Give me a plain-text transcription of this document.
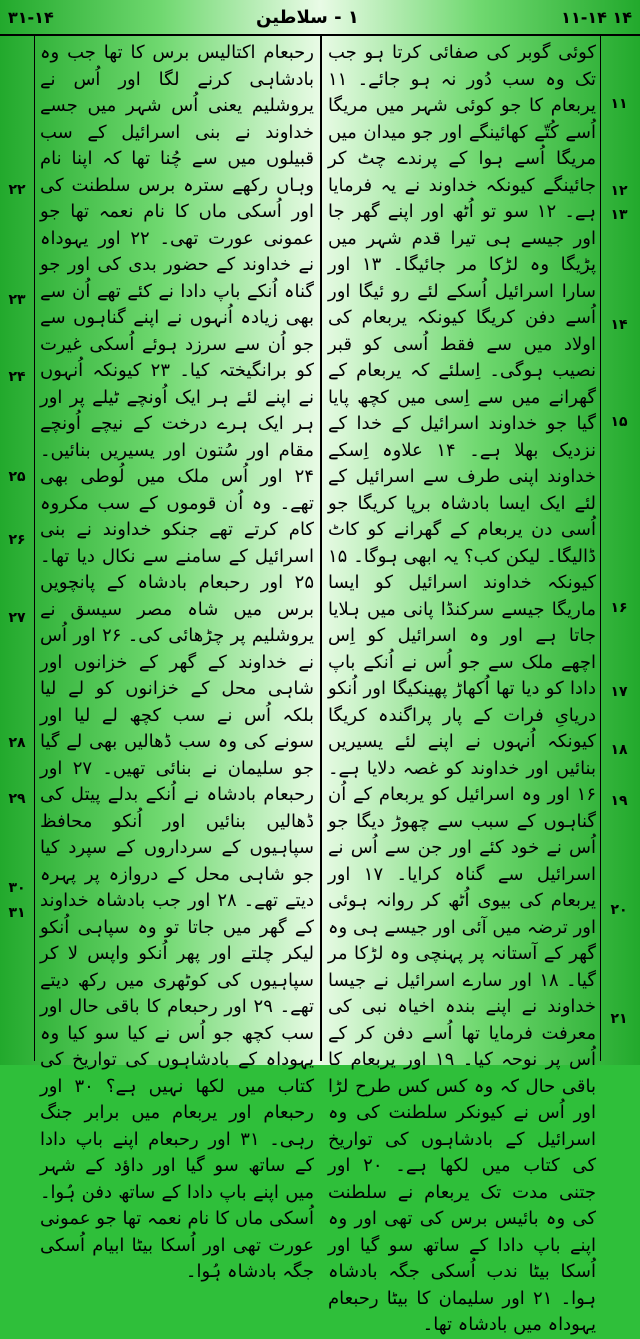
۳۱-۱۴	۱ - سلاطین	۱۱-۱۴ ۱۴

کوئی گوبر کی صفائی کرتا ہو جب تک وہ سب دُور نہ ہو جائے۔ ۱۱ یربعام کا جو کوئی شہر میں مریگا اُسے کُتّے کھائینگے اور جو میدان میں مریگا اُسے ہوا کے پرندے چٹ کر جائینگے کیونکہ خداوند نے یہ فرمایا ہے۔ ۱۲ سو تو اُٹھ اور اپنے گھر جا اور جیسے ہی تیرا قدم شہر میں پڑیگا وہ لڑکا مر جائیگا۔ ۱۳ اور سارا اسرائیل اُسکے لئے رو ئیگا اور اُسے دفن کریگا کیونکہ یربعام کی اولاد میں سے فقط اُسی کو قبر نصیب ہوگی۔ اِسلئے کہ یربعام کے گھرانے میں سے اِسی میں کچھ پایا گیا جو خداوند اسرائیل کے خدا کے نزدیک بھلا ہے۔ ۱۴ علاوہ اِسکے خداوند اپنی طرف سے اسرائیل کے لئے ایک ایسا بادشاہ برپا کریگا جو اُسی دن یربعام کے گھرانے کو کاٹ ڈالیگا۔ لیکن کب؟ یہ ابھی ہوگا۔ ۱۵ کیونکہ خداوند اسرائیل کو ایسا ماریگا جیسے سرکنڈا پانی میں ہلایا جاتا ہے اور وہ اسرائیل کو اِس اچھے ملک سے جو اُس نے اُنکے باپ دادا کو دیا تھا اُکھاڑ پھینکیگا اور اُنکو دریایِ فرات کے پار پراگندہ کریگا کیونکہ اُنہوں نے اپنے لئے یسیریں بنائیں اور خداوند کو غصہ دلایا ہے۔ ۱۶ اور وہ اسرائیل کو یربعام کے اُن گناہوں کے سبب سے چھوڑ دیگا جو اُس نے خود کئے اور جن سے اُس نے اسرائیل سے گناہ کرایا۔ ۱۷ اور یربعام کی بیوی اُٹھ کر روانہ ہوئی اور ترضہ میں آئی اور جیسے ہی وہ گھر کے آستانہ پر پہنچی وہ لڑکا مر گیا۔ ۱۸ اور سارے اسرائیل نے جیسا خداوند نے اپنے بندہ اخیاہ نبی کی معرفت فرمایا تھا اُسے دفن کر کے اُس پر نوحہ کیا۔ ۱۹ اور یربعام کا باقی حال کہ وہ کس کس طرح لڑا اور اُس نے کیونکر سلطنت کی وہ اسرائیل کے بادشاہوں کی تواریخ کی کتاب میں لکھا ہے۔ ۲۰ اور جتنی مدت تک یربعام نے سلطنت کی وہ بائیس برس کی تھی اور وہ اپنے باپ دادا کے ساتھ سو گیا اور اُسکا بیٹا ندب اُسکی جگہ بادشاہ ہوا۔ ۲۱ اور سلیمان کا بیٹا رحبعام یہوداہ میں بادشاہ تھا۔

رحبعام اکتالیس برس کا تھا جب وہ بادشاہی کرنے لگا اور اُس نے یروشلیم یعنی اُس شہر میں جسے خداوند نے بنی اسرائیل کے سب قبیلوں میں سے چُنا تھا کہ اپنا نام وہاں رکھے سترہ برس سلطنت کی اور اُسکی ماں کا نام نعمہ تھا جو عمونی عورت تھی۔ ۲۲ اور یہوداہ نے خداوند کے حضور بدی کی اور جو گناہ اُنکے باپ دادا نے کئے تھے اُن سے بھی زیادہ اُنہوں نے اپنے گناہوں سے جو اُن سے سرزد ہوئے اُسکی غیرت کو برانگیختہ کیا۔ ۲۳ کیونکہ اُنہوں نے اپنے لئے ہر ایک اُونچے ٹیلے پر اور ہر ایک ہرے درخت کے نیچے اُونچے مقام اور سُتون اور یسیریں بنائیں۔ ۲۴ اور اُس ملک میں لُوطی بھی تھے۔ وہ اُن قوموں کے سب مکروہ کام کرتے تھے جنکو خداوند نے بنی اسرائیل کے سامنے سے نکال دیا تھا۔ ۲۵ اور رحبعام بادشاہ کے پانچویں برس میں شاہ مصر سیسق نے یروشلیم پر چڑھائی کی۔ ۲۶ اور اُس نے خداوند کے گھر کے خزانوں اور شاہی محل کے خزانوں کو لے لیا بلکہ اُس نے سب کچھ لے لیا اور سونے کی وہ سب ڈھالیں بھی لے گیا جو سلیمان نے بنائی تھیں۔ ۲۷ اور رحبعام بادشاہ نے اُنکے بدلے پیتل کی ڈھالیں بنائیں اور اُنکو محافظ سپاہیوں کے سرداروں کے سپرد کیا جو شاہی محل کے دروازہ پر پہرہ دیتے تھے۔ ۲۸ اور جب بادشاہ خداوند کے گھر میں جاتا تو وہ سپاہی اُنکو لیکر چلتے اور پھر اُنکو واپس لا کر سپاہیوں کی کوٹھری میں رکھ دیتے تھے۔ ۲۹ اور رحبعام کا باقی حال اور سب کچھ جو اُس نے کیا سو کیا وہ یہوداہ کے بادشاہوں کی تواریخ کی کتاب میں لکھا نہیں ہے؟ ۳۰ اور رحبعام اور یربعام میں برابر جنگ رہی۔ ۳۱ اور رحبعام اپنے باپ دادا کے ساتھ سو گیا اور داؤد کے شہر میں اپنے باپ دادا کے ساتھ دفن ہُوا۔ اُسکی ماں کا نام نعمہ تھا جو عمونی عورت تھی اور اُسکا بیٹا ابیام اُسکی جگہ بادشاہ ہُوا۔

۱۱
۱۲
۱۳
۱۴
۱۵
۱۶
۱۷
۱۸
۱۹
۲۰
۲۱
۲۲
۲۳
۲۴
۲۵
۲۶
۲۷
۲۸
۲۹
۳۰
۳۱
